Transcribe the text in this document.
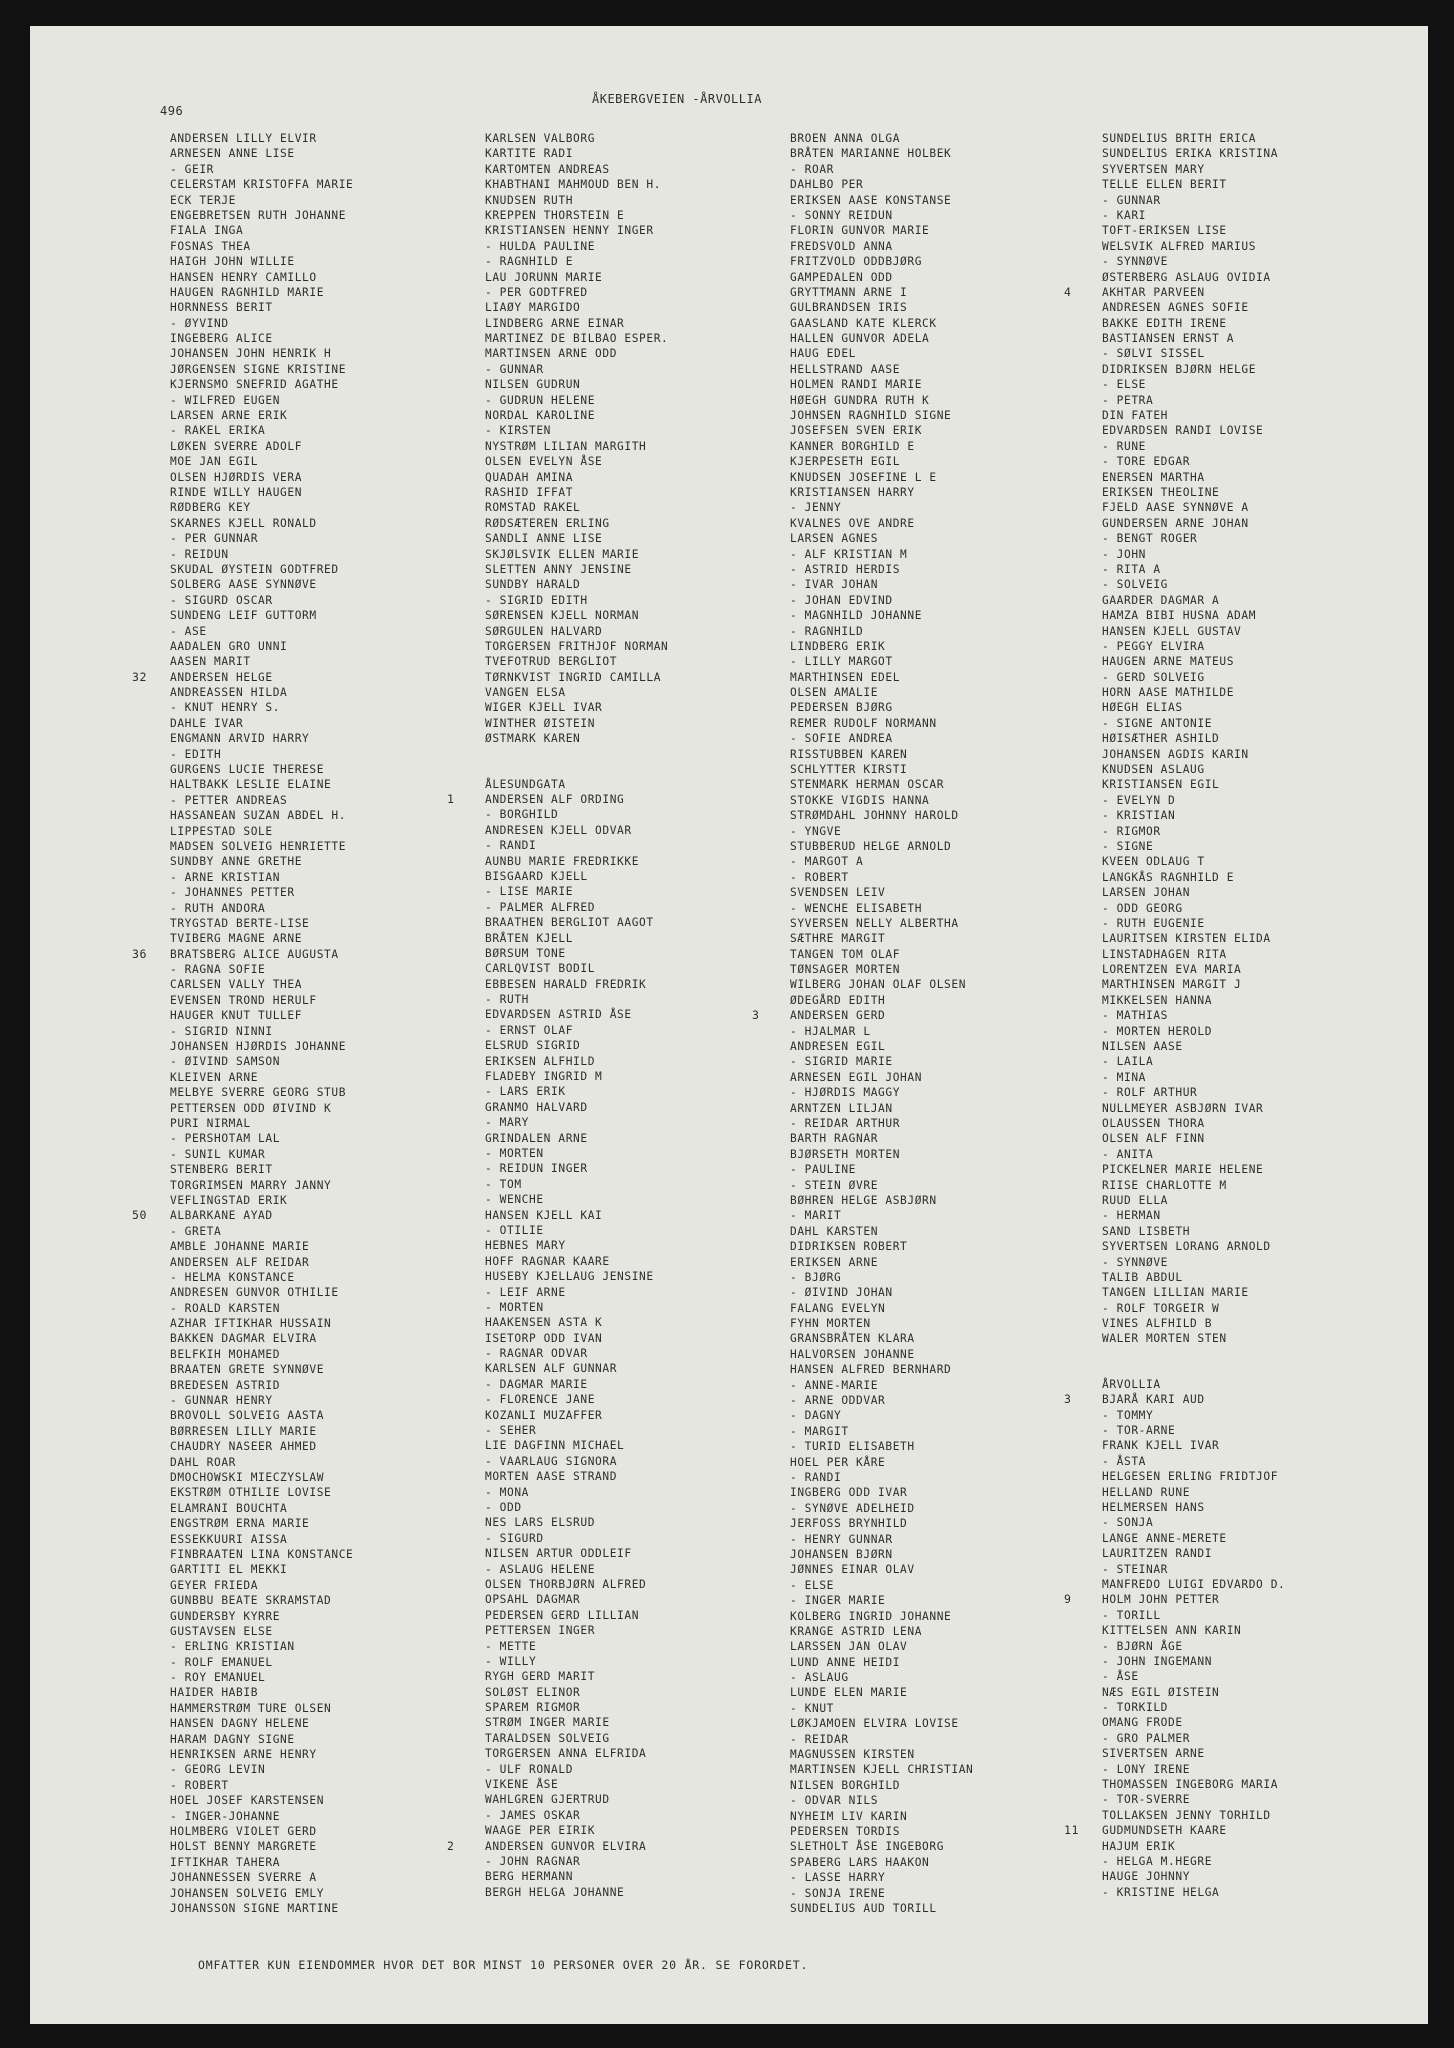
496
ÅKEBERGVEIEN -ÅRVOLLIA
ANDERSEN LILLY ELVIR
ARNESEN ANNE LISE
- GEIR
CELERSTAM KRISTOFFA MARIE
ECK TERJE
ENGEBRETSEN RUTH JOHANNE
FIALA INGA
FOSNAS THEA
HAIGH JOHN WILLIE
HANSEN HENRY CAMILLO
HAUGEN RAGNHILD MARIE
HORNNESS BERIT
- ØYVIND
INGEBERG ALICE
JOHANSEN JOHN HENRIK H
JØRGENSEN SIGNE KRISTINE
KJERNSMO SNEFRID AGATHE
- WILFRED EUGEN
LARSEN ARNE ERIK
- RAKEL ERIKA
LØKEN SVERRE ADOLF
MOE JAN EGIL
OLSEN HJØRDIS VERA
RINDE WILLY HAUGEN
RØDBERG KEY
SKARNES KJELL RONALD
- PER GUNNAR
- REIDUN
SKUDAL ØYSTEIN GODTFRED
SOLBERG AASE SYNNØVE
- SIGURD OSCAR
SUNDENG LEIF GUTTORM
- ASE
AADALEN GRO UNNI
AASEN MARIT
32 ANDERSEN HELGE
ANDREASSEN HILDA
- KNUT HENRY S.
DAHLE IVAR
ENGMANN ARVID HARRY
- EDITH
GURGENS LUCIE THERESE
HALTBAKK LESLIE ELAINE
- PETTER ANDREAS
HASSANEAN SUZAN ABDEL H.
LIPPESTAD SOLE
MADSEN SOLVEIG HENRIETTE
SUNDBY ANNE GRETHE
- ARNE KRISTIAN
- JOHANNES PETTER
- RUTH ANDORA
TRYGSTAD BERTE-LISE
TVIBERG MAGNE ARNE
36 BRATSBERG ALICE AUGUSTA
- RAGNA SOFIE
CARLSEN VALLY THEA
EVENSEN TROND HERULF
HAUGER KNUT TULLEF
- SIGRID NINNI
JOHANSEN HJØRDIS JOHANNE
- ØIVIND SAMSON
KLEIVEN ARNE
MELBYE SVERRE GEORG STUB
PETTERSEN ODD ØIVIND K
PURI NIRMAL
- PERSHOTAM LAL
- SUNIL KUMAR
STENBERG BERIT
TORGRIMSEN MARRY JANNY
VEFLINGSTAD ERIK
50 ALBARKANE AYAD
- GRETA
AMBLE JOHANNE MARIE
ANDERSEN ALF REIDAR
- HELMA KONSTANCE
ANDRESEN GUNVOR OTHILIE
- ROALD KARSTEN
AZHAR IFTIKHAR HUSSAIN
BAKKEN DAGMAR ELVIRA
BELFKIH MOHAMED
BRAATEN GRETE SYNNØVE
BREDESEN ASTRID
- GUNNAR HENRY
BROVOLL SOLVEIG AASTA
BØRRESEN LILLY MARIE
CHAUDRY NASEER AHMED
DAHL ROAR
DMOCHOWSKI MIECZYSLAW
EKSTRØM OTHILIE LOVISE
ELAMRANI BOUCHTA
ENGSTRØM ERNA MARIE
ESSEKKUURI AISSA
FINBRAATEN LINA KONSTANCE
GARTITI EL MEKKI
GEYER FRIEDA
GUNBBU BEATE SKRAMSTAD
GUNDERSBY KYRRE
GUSTAVSEN ELSE
- ERLING KRISTIAN
- ROLF EMANUEL
- ROY EMANUEL
HAIDER HABIB
HAMMERSTRØM TURE OLSEN
HANSEN DAGNY HELENE
HARAM DAGNY SIGNE
HENRIKSEN ARNE HENRY
- GEORG LEVIN
- ROBERT
HOEL JOSEF KARSTENSEN
- INGER-JOHANNE
HOLMBERG VIOLET GERD
HOLST BENNY MARGRETE
IFTIKHAR TAHERA
JOHANNESSEN SVERRE A
JOHANSEN SOLVEIG EMLY
JOHANSSON SIGNE MARTINE
KARLSEN VALBORG
KARTITE RADI
KARTOMTEN ANDREAS
KHABTHANI MAHMOUD BEN H.
KNUDSEN RUTH
KREPPEN THORSTEIN E
KRISTIANSEN HENNY INGER
- HULDA PAULINE
- RAGNHILD E
LAU JORUNN MARIE
- PER GODTFRED
LIAØY MARGIDO
LINDBERG ARNE EINAR
MARTINEZ DE BILBAO ESPER.
MARTINSEN ARNE ODD
- GUNNAR
NILSEN GUDRUN
- GUDRUN HELENE
NORDAL KAROLINE
- KIRSTEN
NYSTRØM LILIAN MARGITH
OLSEN EVELYN ÅSE
QUADAH AMINA
RASHID IFFAT
ROMSTAD RAKEL
RØDSÆTEREN ERLING
SANDLI ANNE LISE
SKJØLSVIK ELLEN MARIE
SLETTEN ANNY JENSINE
SUNDBY HARALD
- SIGRID EDITH
SØRENSEN KJELL NORMAN
SØRGULEN HALVARD
TORGERSEN FRITHJOF NORMAN
TVEFOTRUD BERGLIOT
TØRNKVIST INGRID CAMILLA
VANGEN ELSA
WIGER KJELL IVAR
WINTHER ØISTEIN
ØSTMARK KAREN
ÅLESUNDGATA
1	ANDERSEN ALF ORDING
- BORGHILD
ANDRESEN KJELL ODVAR
- RANDI
AUNBU MARIE FREDRIKKE
BISGAARD KJELL
- LISE MARIE
- PALMER ALFRED
BRAATHEN BERGLIOT AAGOT
BRÅTEN KJELL
BØRSUM TONE
CARLQVIST BODIL
EBBESEN HARALD FREDRIK
- RUTH
EDVARDSEN ASTRID ÅSE
- ERNST OLAF
ELSRUD SIGRID
ERIKSEN ALFHILD
FLADEBY INGRID M
- LARS ERIK
GRANMO HALVARD
- MARY
GRINDALEN ARNE
- MORTEN
- REIDUN INGER
- TOM
- WENCHE
HANSEN KJELL KAI
- OTILIE
HEBNES MARY
HOFF RAGNAR KAARE
HUSEBY KJELLAUG JENSINE
- LEIF ARNE
- MORTEN
HAAKENSEN ASTA K
ISETORP ODD IVAN
- RAGNAR ODVAR
KARLSEN ALF GUNNAR
- DAGMAR MARIE
- FLORENCE JANE
KOZANLI MUZAFFER
- SEHER
LIE DAGFINN MICHAEL
- VAARLAUG SIGNORA
MORTEN AASE STRAND
- MONA
- ODD
NES LARS ELSRUD
- SIGURD
NILSEN ARTUR ODDLEIF
- ASLAUG HELENE
OLSEN THORBJØRN ALFRED
OPSAHL DAGMAR
PEDERSEN GERD LILLIAN
PETTERSEN INGER
- METTE
- WILLY
RYGH GERD MARIT
SOLØST ELINOR
SPAREM RIGMOR
STRØM INGER MARIE
TARALDSEN SOLVEIG
TORGERSEN ANNA ELFRIDA
- ULF RONALD
VIKENE ÅSE
WAHLGREN GJERTRUD
- JAMES OSKAR
WAAGE PER EIRIK
2	ANDERSEN GUNVOR ELVIRA
- JOHN RAGNAR
BERG HERMANN
BERGH HELGA JOHANNE
BROEN ANNA OLGA
BRÅTEN MARIANNE HOLBEK
- ROAR
DAHLBO PER
ERIKSEN AASE KONSTANSE
- SONNY REIDUN
FLORIN GUNVOR MARIE
FREDSVOLD ANNA
FRITZVOLD ODDBJØRG
GAMPEDALEN ODD
GRYTTMANN ARNE I
GULBRANDSEN IRIS
GAASLAND KATE KLERCK
HALLEN GUNVOR ADELA
HAUG EDEL
HELLSTRAND AASE
HOLMEN RANDI MARIE
HØEGH GUNDRA RUTH K
JOHNSEN RAGNHILD SIGNE
JOSEFSEN SVEN ERIK
KANNER BORGHILD E
KJERPESETH EGIL
KNUDSEN JOSEFINE L E
KRISTIANSEN HARRY
- JENNY
KVALNES OVE ANDRE
LARSEN AGNES
- ALF KRISTIAN M
- ASTRID HERDIS
- IVAR JOHAN
- JOHAN EDVIND
- MAGNHILD JOHANNE
- RAGNHILD
LINDBERG ERIK
- LILLY MARGOT
MARTHINSEN EDEL
OLSEN AMALIE
PEDERSEN BJØRG
REMER RUDOLF NORMANN
- SOFIE ANDREA
RISSTUBBEN KAREN
SCHLYTTER KIRSTI
STENMARK HERMAN OSCAR
STOKKE VIGDIS HANNA
STRØMDAHL JOHNNY HAROLD
- YNGVE
STUBBERUD HELGE ARNOLD
- MARGOT A
- ROBERT
SVENDSEN LEIV
- WENCHE ELISABETH
SYVERSEN NELLY ALBERTHA
SÆTHRE MARGIT
TANGEN TOM OLAF
TØNSAGER MORTEN
WILBERG JOHAN OLAF OLSEN
ØDEGÅRD EDITH
3	ANDERSEN GERD
- HJALMAR L
ANDRESEN EGIL
- SIGRID MARIE
ARNESEN EGIL JOHAN
- HJØRDIS MAGGY
ARNTZEN LILJAN
- REIDAR ARTHUR
BARTH RAGNAR
BJØRSETH MORTEN
- PAULINE
- STEIN ØVRE
BØHREN HELGE ASBJØRN
- MARIT
DAHL KARSTEN
DIDRIKSEN ROBERT
ERIKSEN ARNE
- BJØRG
- ØIVIND JOHAN
FALANG EVELYN
FYHN MORTEN
GRANSBRÅTEN KLARA
HALVORSEN JOHANNE
HANSEN ALFRED BERNHARD
- ANNE-MARIE
- ARNE ODDVAR
- DAGNY
- MARGIT
- TURID ELISABETH
HOEL PER KÅRE
- RANDI
INGBERG ODD IVAR
- SYNØVE ADELHEID
JERFOSS BRYNHILD
- HENRY GUNNAR
JOHANSEN BJØRN
JØNNES EINAR OLAV
- ELSE
- INGER MARIE
KOLBERG INGRID JOHANNE
KRANGE ASTRID LENA
LARSSEN JAN OLAV
LUND ANNE HEIDI
- ASLAUG
LUNDE ELEN MARIE
- KNUT
LØKJAMOEN ELVIRA LOVISE
- REIDAR
MAGNUSSEN KIRSTEN
MARTINSEN KJELL CHRISTIAN
NILSEN BORGHILD
- ODVAR NILS
NYHEIM LIV KARIN
PEDERSEN TORDIS
SLETHOLT ÅSE INGEBORG
SPABERG LARS HAAKON
- LASSE HARRY
- SONJA IRENE
SUNDELIUS AUD TORILL
SUNDELIUS BRITH ERICA
SUNDELIUS ERIKA KRISTINA
SYVERTSEN MARY
TELLE ELLEN BERIT
- GUNNAR
- KARI
TOFT-ERIKSEN LISE
WELSVIK ALFRED MARIUS
- SYNNØVE
ØSTERBERG ASLAUG OVIDIA
4	AKHTAR PARVEEN
ANDRESEN AGNES SOFIE
BAKKE EDITH IRENE
BASTIANSEN ERNST A
- SØLVI SISSEL
DIDRIKSEN BJØRN HELGE
- ELSE
- PETRA
DIN FATEH
EDVARDSEN RANDI LOVISE
- RUNE
- TORE EDGAR
ENERSEN MARTHA
ERIKSEN THEOLINE
FJELD AASE SYNNØVE A
GUNDERSEN ARNE JOHAN
- BENGT ROGER
- JOHN
- RITA A
- SOLVEIG
GAARDER DAGMAR A
HAMZA BIBI HUSNA ADAM
HANSEN KJELL GUSTAV
- PEGGY ELVIRA
HAUGEN ARNE MATEUS
- GERD SOLVEIG
HORN AASE MATHILDE
HØEGH ELIAS
- SIGNE ANTONIE
HØISÆTHER ASHILD
JOHANSEN AGDIS KARIN
KNUDSEN ASLAUG
KRISTIANSEN EGIL
- EVELYN D
- KRISTIAN
- RIGMOR
- SIGNE
KVEEN ODLAUG T
LANGKÅS RAGNHILD E
LARSEN JOHAN
- ODD GEORG
- RUTH EUGENIE
LAURITSEN KIRSTEN ELIDA
LINSTADHAGEN RITA
LORENTZEN EVA MARIA
MARTHINSEN MARGIT J
MIKKELSEN HANNA
- MATHIAS
- MORTEN HEROLD
NILSEN AASE
- LAILA
- MINA
- ROLF ARTHUR
NULLMEYER ASBJØRN IVAR
OLAUSSEN THORA
OLSEN ALF FINN
- ANITA
PICKELNER MARIE HELENE
RIISE CHARLOTTE M
RUUD ELLA
- HERMAN
SAND LISBETH
SYVERTSEN LORANG ARNOLD
- SYNNØVE
TALIB ABDUL
TANGEN LILLIAN MARIE
- ROLF TORGEIR W
VINES ALFHILD B
WALER MORTEN STEN
ÅRVOLLIA
3	BJARÅ KARI AUD
- TOMMY
- TOR-ARNE
FRANK KJELL IVAR
- ÅSTA
HELGESEN ERLING FRIDTJOF
HELLAND RUNE
HELMERSEN HANS
- SONJA
LANGE ANNE-MERETE
LAURITZEN RANDI
- STEINAR
MANFREDO LUIGI EDVARDO D.
9	HOLM JOHN PETTER
- TORILL
KITTELSEN ANN KARIN
- BJØRN ÅGE
- JOHN INGEMANN
- ÅSE
NÆS EGIL ØISTEIN
- TORKILD
OMANG FRODE
- GRO PALMER
SIVERTSEN ARNE
- LONY IRENE
THOMASSEN INGEBORG MARIA
- TOR-SVERRE
TOLLAKSEN JENNY TORHILD
11 GUDMUNDSETH KAARE
HAJUM ERIK
- HELGA M.HEGRE
HAUGE JOHNNY
- KRISTINE HELGA
OMFATTER KUN EIENDOMMER HVOR DET BOR MINST 10 PERSONER OVER 20 ÅR. SE FORORDET.
